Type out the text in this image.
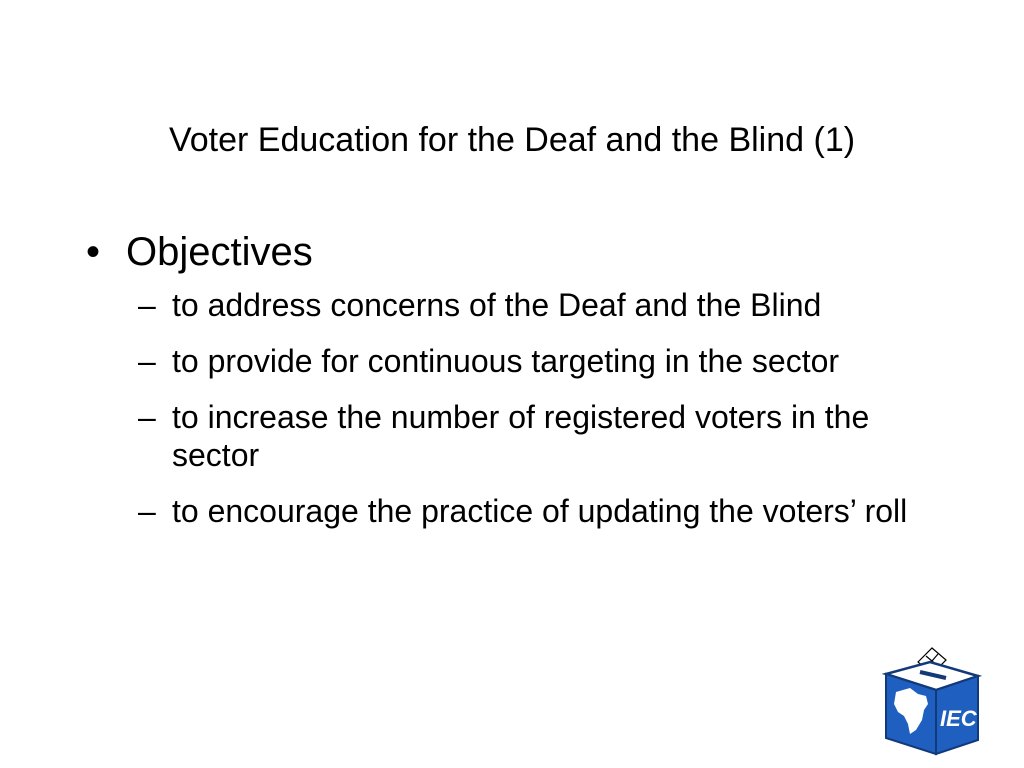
Voter Education for the Deaf and the Blind (1)
• Objectives
– to address concerns of the Deaf and the Blind
– to provide for continuous targeting in the sector
– to increase the number of registered voters in the sector
– to encourage the practice of updating the voters’ roll
IEC
